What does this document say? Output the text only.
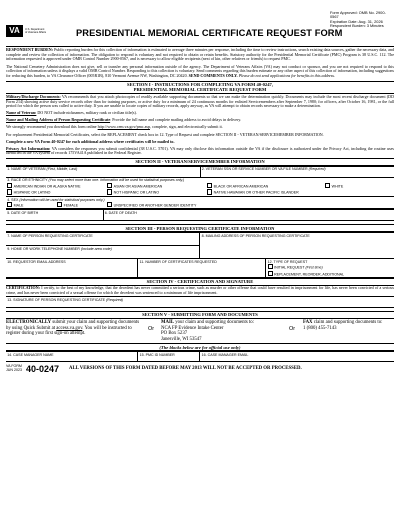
VA	U.S. Department
of Veterans Affairs	PRESIDENTIAL MEMORIAL CERTIFICATE REQUEST FORM
Form Approved: OMB No. 2900-0567
Expiration Date: Aug. 31, 2026
Respondent Burden: 3 Minutes

RESPONDENT BURDEN: Public reporting burden for this collection of information is estimated to average three minutes per response, including the time to review instructions, search existing data sources, gather the necessary data, and complete and review the collection of information. The obligation to respond is voluntary and not required to obtain or retain benefits. Statutory authority for the Presidential Memorial Certificate (PMC) Program is 38 U.S.C. 112. The information requested is approved under OMB Control Number 2900-0567, and is necessary to allow eligible recipients (next of kin, other relatives or friends) to request PMC.

The National Cemetery Administration does not give, sell or transfer any personal information outside of the agency. The Department of Veterans Affairs (VA) may not conduct or sponsor, and you are not required to respond to this collection of information unless it displays a valid OMB Control Number. Responding to this collection is voluntary. Send comments regarding this burden estimate or any other aspect of this collection of information, including suggestions for reducing this burden, to VA Clearance Officer (005R1B), 810 Vermont Avenue NW, Washington, DC 20420. SEND COMMENTS ONLY. Please do not send applications for benefits to this address.

SECTION I - INSTRUCTIONS FOR COMPLETING VA FORM 40-0247,
PRESIDENTIAL MEMORIAL CERTIFICATE REQUEST FORM

Military/Discharge Documents: VA recommends that you attach photocopies of readily available supporting documents so that we can make the determination quickly. Documents may include the most recent discharge document (DD Form 214) showing active duty service records other than for training purposes, or active duty for a minimum of 24 continuous months for enlisted Servicemembers after September 7, 1980; for officers, after October 16, 1981, or the full period for which the person was called to active duty. If you are unable to locate copies of military records, apply anyway, as VA will attempt to obtain records necessary to make a determination.

Name of Veteran: DO NOT include nicknames, military rank or civilian title(s).

Name and Mailing Address of Person Requesting Certificate: Provide the full name and complete mailing address to avoid delays in delivery.

We strongly recommend you download this form online http://www.cem.va.gov/pmc.asp, complete, sign, and electronically submit it.

For replacement Presidential Memorial Certificates, select the REPLACEMENT check box in 12. Type of Request and complete SECTION II - VETERAN/SERVICEMEMBER INFORMATION.

Complete a new VA Form 40-0247 for each additional address where certificates will be mailed to.

Privacy Act Information: VA considers the responses you submit confidential (38 U.S.C. 5701). VA may only disclose this information outside the VA if the disclosure is authorized under the Privacy Act, including the routine uses identified in the VA system of records 175VA41A published in the Federal Register.

SECTION II - VETERAN/SERVICEMEMBER INFORMATION
1. NAME OF VETERAN (First, Middle, Last)	2. VETERAN SSN OR SERVICE NUMBER OR VA FILE NUMBER (Required)

3. RACE OR ETHNICITY (You may select more than one. Information will be used for statistical purposes only.)
AMERICAN INDIAN OR ALASKA NATIVE	ASIAN OR ASIAN AMERICAN	BLACK OR AFRICAN AMERICAN	WHITE
HISPANIC OR LATINO	NOT HISPANIC OR LATINO	NATIVE HAWAIIAN OR OTHER PACIFIC ISLANDER

4. SEX (Information will be used for statistical purposes only.)
MALE	FEMALE	UNSPECIFIED OR ANOTHER GENDER IDENTITY
5. DATE OF BIRTH	6. DATE OF DEATH
SECTION III - PERSON REQUESTING CERTIFICATE INFORMATION
7. NAME OF PERSON REQUESTING CERTIFICATE		8. MAILING ADDRESS OF PERSON REQUESTING CERTIFICATE	
9. HOME OR WORK TELEPHONE NUMBER (Include area code)			
10. REQUESTOR EMAIL ADDRESS	11. NUMBER OF CERTIFICATES REQUESTED		12. TYPE OF REQUEST
INITIAL REQUEST (First time)
REPLACEMENT, REORDER, ADDITIONAL
SECTION IV - CERTIFICATION AND SIGNATURE

CERTIFICATION: I certify, to the best of my knowledge, that the decedent has never committed a serious crime, such as murder or other offense that could have resulted in imprisonment for life, has never been convicted of a serious crime, and has never been convicted of a sexual offense for which the decedent was sentenced to a minimum of life imprisonment.

13. SIGNATURE OF PERSON REQUESTING CERTIFICATE (Required)
SECTION V - SUBMITTING FORM AND DOCUMENTS
ELECTRONICALLY submit your claim and supporting documents by using Quick Submit at access.va.gov. You will be instructed to register during your first sign-on attempt.
Or
MAIL your claim and supporting documents to:
NCA FP Evidence Intake Center
PO Box 5237
Janesville, WI 53547
Or
FAX claim and supporting documents to:
1 (800) 455-7143
(The blocks below are for official use only)
14. CASE MANAGER NAME	15. PMC ID NUMBER	16. CASE MANAGER EMAIL
VA FORM
JUN 2023 40-0247 ALL VERSIONS OF THIS FORM DATED BEFORE MAY 2013 WILL NOT BE ACCEPTED OR PROCESSED.
